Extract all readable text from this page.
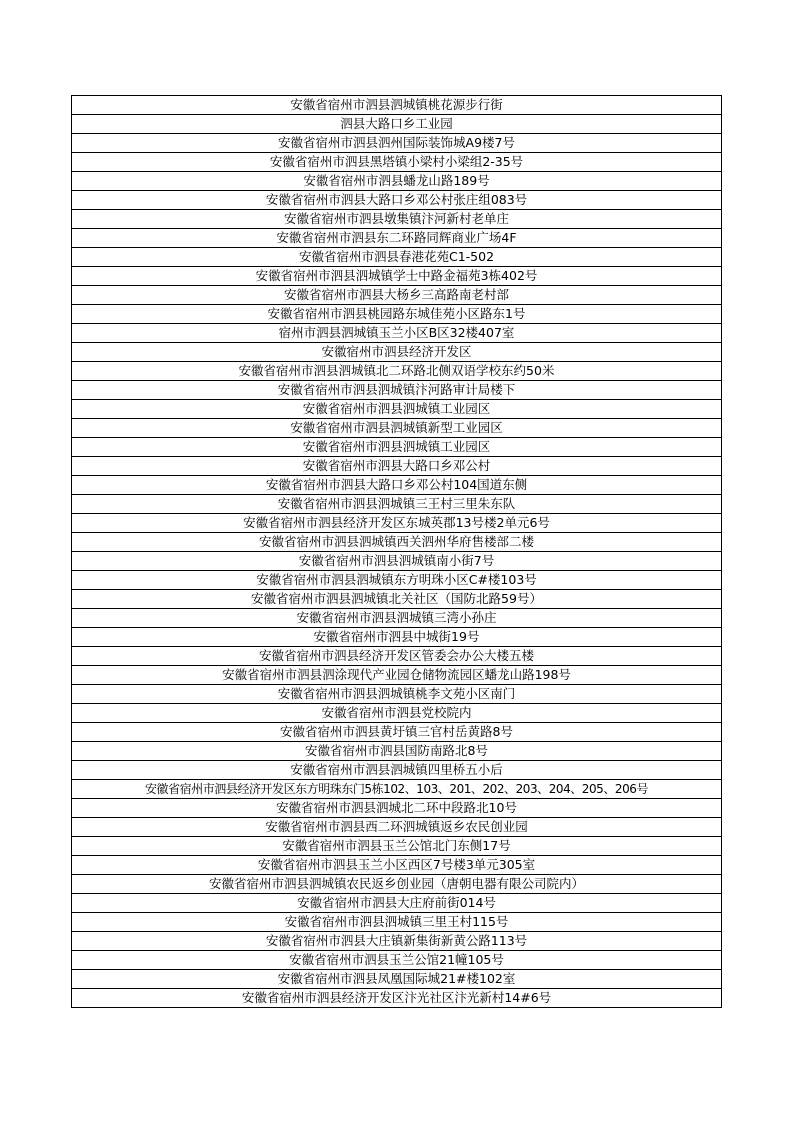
安徽省宿州市泗县泗城镇桃花源步行街
泗县大路口乡工业园
安徽省宿州市泗县泗州国际装饰城A9楼7号
安徽省宿州市泗县黑塔镇小梁村小梁组2-35号
安徽省宿州市泗县蟠龙山路189号
安徽省宿州市泗县大路口乡邓公村张庄组083号
安徽省宿州市泗县墩集镇汴河新村老单庄
安徽省宿州市泗县东二环路同辉商业广场4F
安徽省宿州市泗县春港花苑C1-502
安徽省宿州市泗县泗城镇学士中路金福苑3栋402号
安徽省宿州市泗县大杨乡三高路南老村部
安徽省宿州市泗县桃园路东城佳苑小区路东1号
宿州市泗县泗城镇玉兰小区B区32楼407室
安徽宿州市泗县经济开发区
安徽省宿州市泗县泗城镇北二环路北侧双语学校东约50米
安徽省宿州市泗县泗城镇汴河路审计局楼下
安徽省宿州市泗县泗城镇工业园区
安徽省宿州市泗县泗城镇新型工业园区
安徽省宿州市泗县泗城镇工业园区
安徽省宿州市泗县大路口乡邓公村
安徽省宿州市泗县大路口乡邓公村104国道东侧
安徽省宿州市泗县泗城镇三王村三里朱东队
安徽省宿州市泗县经济开发区东城英郡13号楼2单元6号
安徽省宿州市泗县泗城镇西关泗州华府售楼部二楼
安徽省宿州市泗县泗城镇南小街7号
安徽省宿州市泗县泗城镇东方明珠小区C#楼103号
安徽省宿州市泗县泗城镇北关社区（国防北路59号）
安徽省宿州市泗县泗城镇三湾小孙庄
安徽省宿州市泗县中城街19号
安徽省宿州市泗县经济开发区管委会办公大楼五楼
安徽省宿州市泗县泗涂现代产业园仓储物流园区蟠龙山路198号
安徽省宿州市泗县泗城镇桃李文苑小区南门
安徽省宿州市泗县党校院内
安徽省宿州市泗县黄圩镇三官村岳黄路8号
安徽省宿州市泗县国防南路北8号
安徽省宿州市泗县泗城镇四里桥五小后
安徽省宿州市泗县经济开发区东方明珠东门5栋102、103、201、202、203、204、205、206号
安徽省宿州市泗县泗城北二环中段路北10号
安徽省宿州市泗县西二环泗城镇返乡农民创业园
安徽省宿州市泗县玉兰公馆北门东侧17号
安徽省宿州市泗县玉兰小区西区7号楼3单元305室
安徽省宿州市泗县泗城镇农民返乡创业园（唐朝电器有限公司院内）
安徽省宿州市泗县大庄府前街014号
安徽省宿州市泗县泗城镇三里王村115号
安徽省宿州市泗县大庄镇新集街新黄公路113号
安徽省宿州市泗县玉兰公馆21幢105号
安徽省宿州市泗县凤凰国际城21#楼102室
安徽省宿州市泗县经济开发区汴光社区汴光新村14#6号
